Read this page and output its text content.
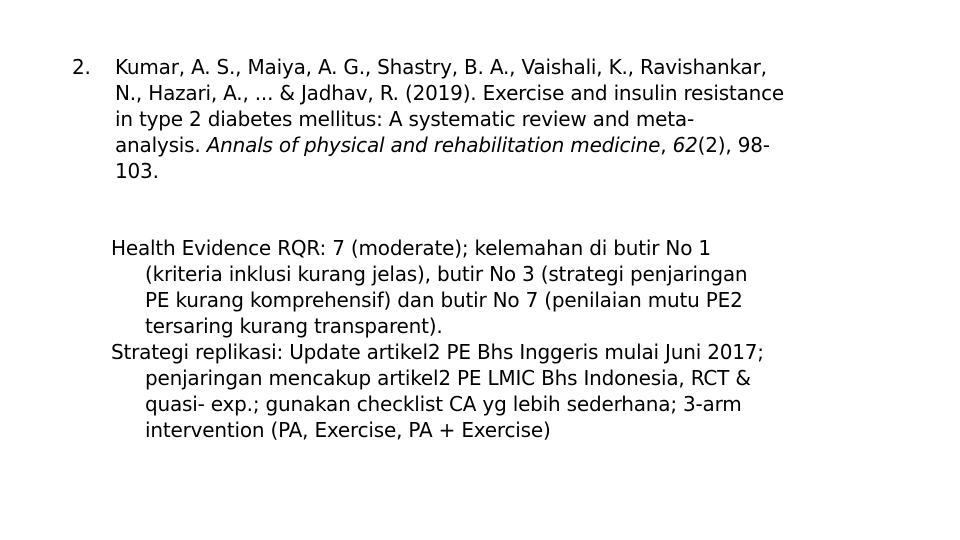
2. Kumar, A. S., Maiya, A. G., Shastry, B. A., Vaishali, K., Ravishankar,
N., Hazari, A., ... & Jadhav, R. (2019). Exercise and insulin resistance
in type 2 diabetes mellitus: A systematic review and meta-
analysis. Annals of physical and rehabilitation medicine, 62(2), 98-
103.
Health Evidence RQR: 7 (moderate); kelemahan di butir No 1
(kriteria inklusi kurang jelas), butir No 3 (strategi penjaringan
PE kurang komprehensif) dan butir No 7 (penilaian mutu PE2
tersaring kurang transparent).
Strategi replikasi: Update artikel2 PE Bhs Inggeris mulai Juni 2017;
penjaringan mencakup artikel2 PE LMIC Bhs Indonesia, RCT &
quasi- exp.; gunakan checklist CA yg lebih sederhana; 3-arm
intervention (PA, Exercise, PA + Exercise)
